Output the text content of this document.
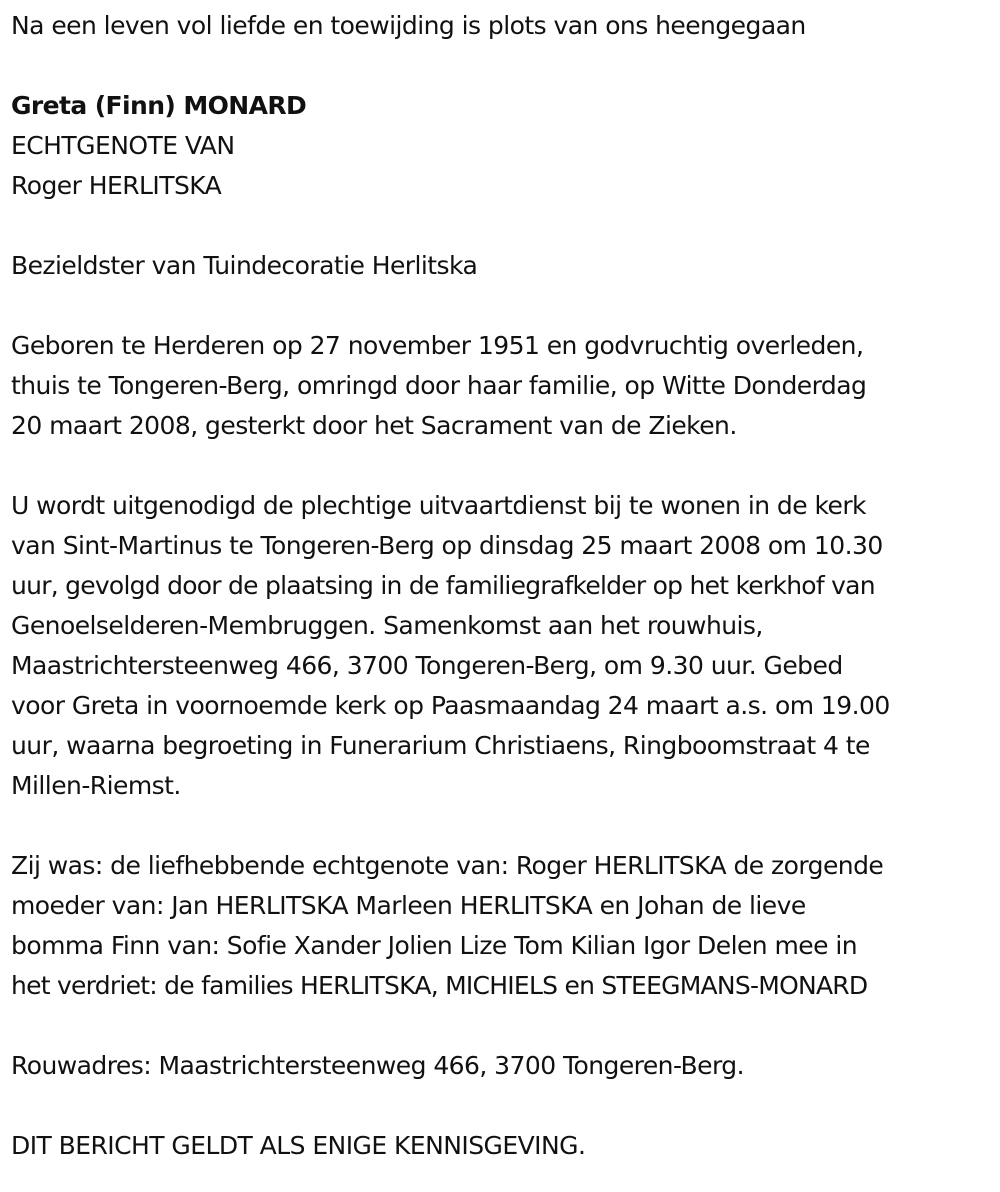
Na een leven vol liefde en toewijding is plots van ons heengegaan

Greta (Finn) MONARD

ECHTGENOTE VAN

Roger HERLITSKA

Bezieldster van Tuindecoratie Herlitska

Geboren te Herderen op 27 november 1951 en godvruchtig overleden,

thuis te Tongeren-Berg, omringd door haar familie, op Witte Donderdag

20 maart 2008, gesterkt door het Sacrament van de Zieken.

U wordt uitgenodigd de plechtige uitvaartdienst bij te wonen in de kerk

van Sint-Martinus te Tongeren-Berg op dinsdag 25 maart 2008 om 10.30

uur, gevolgd door de plaatsing in de familiegrafkelder op het kerkhof van

Genoelselderen-Membruggen. Samenkomst aan het rouwhuis,

Maastrichtersteenweg 466, 3700 Tongeren-Berg, om 9.30 uur. Gebed

voor Greta in voornoemde kerk op Paasmaandag 24 maart a.s. om 19.00

uur, waarna begroeting in Funerarium Christiaens, Ringboomstraat 4 te

Millen-Riemst.

Zij was: de liefhebbende echtgenote van: Roger HERLITSKA de zorgende

moeder van: Jan HERLITSKA Marleen HERLITSKA en Johan de lieve

bomma Finn van: Sofie Xander Jolien Lize Tom Kilian Igor Delen mee in

het verdriet: de families HERLITSKA, MICHIELS en STEEGMANS-MONARD

Rouwadres: Maastrichtersteenweg 466, 3700 Tongeren-Berg.

DIT BERICHT GELDT ALS ENIGE KENNISGEVING.
